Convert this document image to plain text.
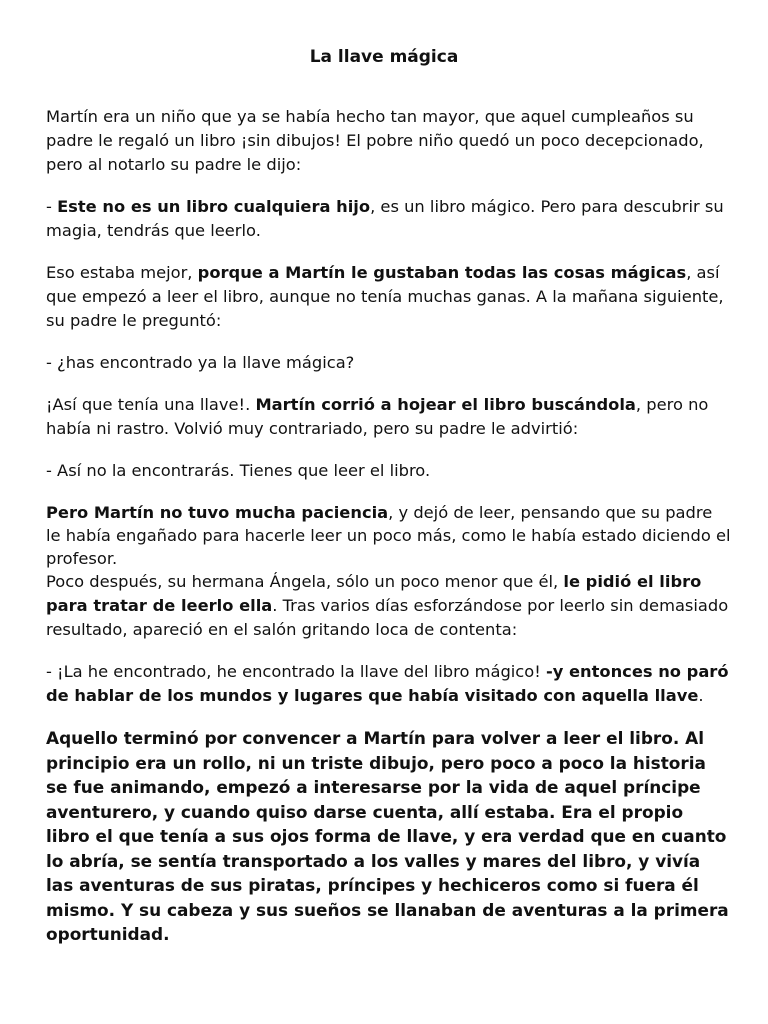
La llave mágica

Martín era un niño que ya se había hecho tan mayor, que aquel cumpleaños su padre le regaló un libro ¡sin dibujos! El pobre niño quedó un poco decepcionado, pero al notarlo su padre le dijo:

- Este no es un libro cualquiera hijo, es un libro mágico. Pero para descubrir su magia, tendrás que leerlo.

Eso estaba mejor, porque a Martín le gustaban todas las cosas mágicas, así que empezó a leer el libro, aunque no tenía muchas ganas. A la mañana siguiente, su padre le preguntó:

- ¿has encontrado ya la llave mágica?

¡Así que tenía una llave!. Martín corrió a hojear el libro buscándola, pero no había ni rastro. Volvió muy contrariado, pero su padre le advirtió:

- Así no la encontrarás. Tienes que leer el libro.

Pero Martín no tuvo mucha paciencia, y dejó de leer, pensando que su padre le había engañado para hacerle leer un poco más, como le había estado diciendo el profesor.

Poco después, su hermana Ángela, sólo un poco menor que él, le pidió el libro para tratar de leerlo ella. Tras varios días esforzándose por leerlo sin demasiado resultado, apareció en el salón gritando loca de contenta:

- ¡La he encontrado, he encontrado la llave del libro mágico! -y entonces no paró de hablar de los mundos y lugares que había visitado con aquella llave.

Aquello terminó por convencer a Martín para volver a leer el libro. Al principio era un rollo, ni un triste dibujo, pero poco a poco la historia se fue animando, empezó a interesarse por la vida de aquel príncipe aventurero, y cuando quiso darse cuenta, allí estaba. Era el propio libro el que tenía a sus ojos forma de llave, y era verdad que en cuanto lo abría, se sentía transportado a los valles y mares del libro, y vivía las aventuras de sus piratas, príncipes y hechiceros como si fuera él mismo. Y su cabeza y sus sueños se llanaban de aventuras a la primera oportunidad.
